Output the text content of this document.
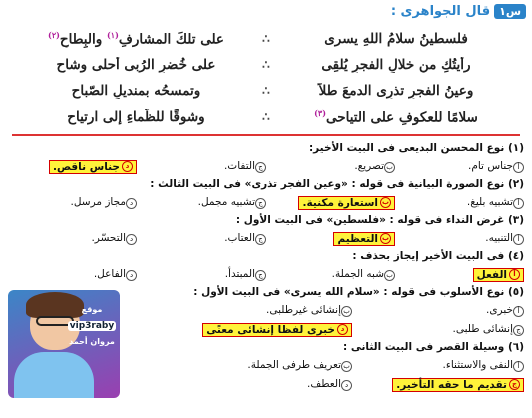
س١
قال الجواهرى :
فلسطينُ سلامُ اللهِ يسرى
∴
على تلكَ المشارفِ$^{(١)}$ والبِطاحِ$^{(٢)}$
رأيتُكِ من خلالِ الفجرِ يُلقِى
∴
على خُضرِ الرُبى أحلى وشاحٍ
وعينُ الفجرِ تذرِى الدمعَ طلاً
∴
وتمسحُه بمنديلِ الصّباحِ
سلامًا للعكوفِ على التياحى$^{(٣)}$
∴
وشوقًا للظّماءِ إلى ارتياحِ
(١) نوع المحسن البديعى فى البيت الأخير:
أجناس تام.
بتصريع.
جالتفات.
د
جناس ناقص.
(٢) نوع الصورة البيانية فى قوله : «وعين الفجر تذرى» فى البيت الثالث :
أتشبيه بليغ.
ب
استعارة مكنية.
جتشبيه مجمل.
دمجاز مرسل.
(٣) غرض النداء فى قوله : «فلسطين» فى البيت الأول :
أالتنبيه.
ب
التعظيم
جالعتاب.
دالتحسّر.
(٤) فى البيت الأخير إيجاز بحذف :
أ
الفعل
بشبه الجملة.
جالمبتدأ.
دالفاعل.
(٥) نوع الأسلوب فى قوله : «سلام الله يسرى» فى البيت الأول :
أخبرى.
بإنشائى غيرطلبى.
جإنشائى طلبى.
د
خبرى لفظا إنشائى معنًى
(٦) وسيلة القصر فى البيت الثانى :
أالنفى والاستثناء.
بتعريف طرفى الجملة.
ج
تقديم ما حقه التأخير.
دالعطف.
موقع
vip3raby
مروان أحمد
